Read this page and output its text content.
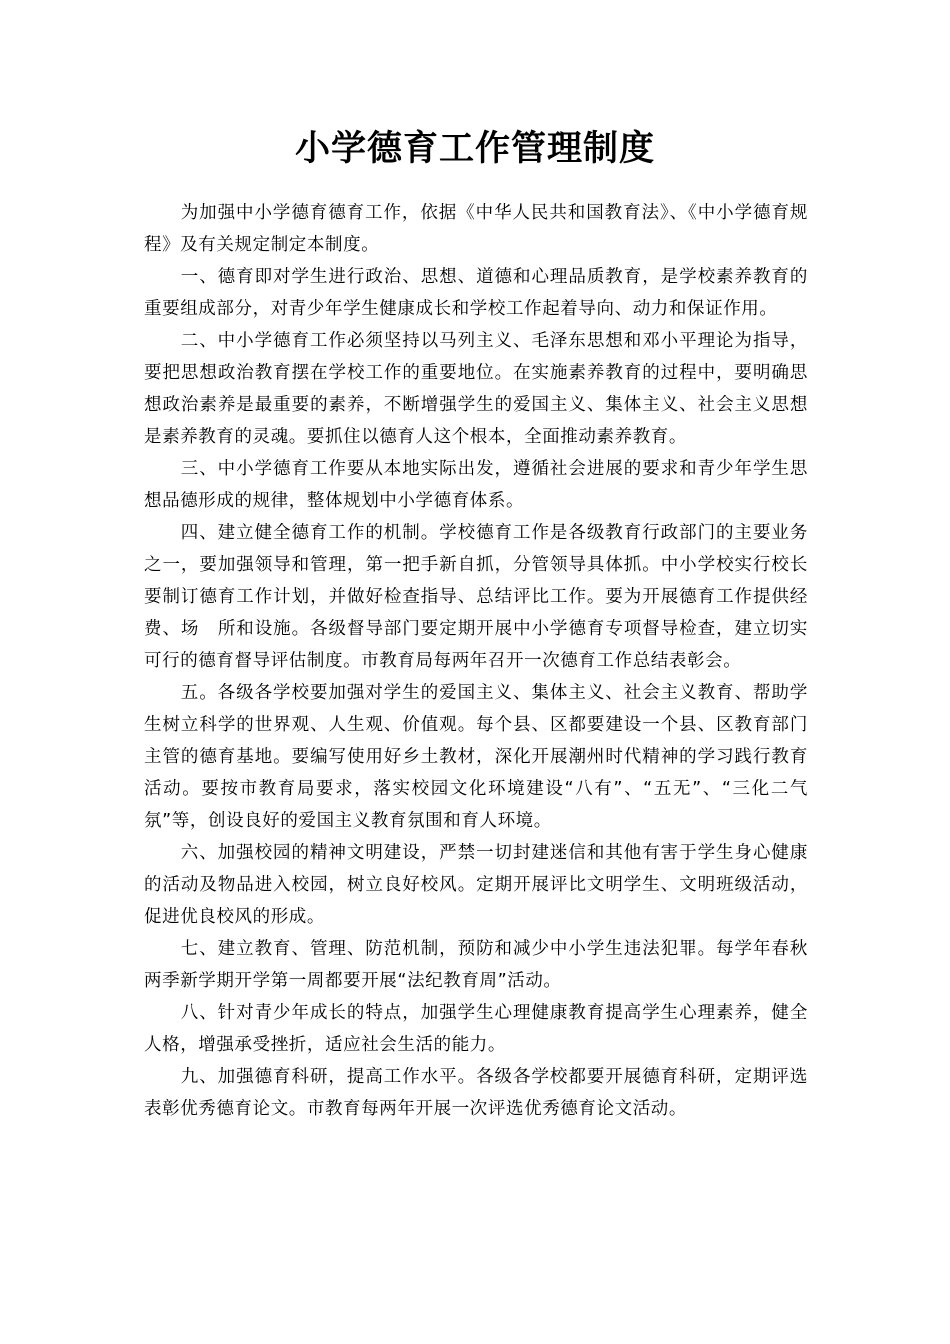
小学德育工作管理制度

为加强中小学德育德育工作，依据《中华人民共和国教育法》、《中小学德育规程》及有关规定制定本制度。

一、德育即对学生进行政治、思想、道德和心理品质教育，是学校素养教育的重要组成部分，对青少年学生健康成长和学校工作起着导向、动力和保证作用。

二、中小学德育工作必须坚持以马列主义、毛泽东思想和邓小平理论为指导，要把思想政治教育摆在学校工作的重要地位。在实施素养教育的过程中，要明确思想政治素养是最重要的素养，不断增强学生的爱国主义、集体主义、社会主义思想是素养教育的灵魂。要抓住以德育人这个根本，全面推动素养教育。

三、中小学德育工作要从本地实际出发，遵循社会进展的要求和青少年学生思想品德形成的规律，整体规划中小学德育体系。

四、建立健全德育工作的机制。学校德育工作是各级教育行政部门的主要业务之一，要加强领导和管理，第一把手新自抓，分管领导具体抓。中小学校实行校长要制订德育工作计划，并做好检查指导、总结评比工作。要为开展德育工作提供经费、场　所和设施。各级督导部门要定期开展中小学德育专项督导检查，建立切实可行的德育督导评估制度。市教育局每两年召开一次德育工作总结表彰会。

五。各级各学校要加强对学生的爱国主义、集体主义、社会主义教育、帮助学生树立科学的世界观、人生观、价值观。每个县、区都要建设一个县、区教育部门主管的德育基地。要编写使用好乡土教材，深化开展潮州时代精神的学习践行教育活动。要按市教育局要求，落实校园文化环境建设“八有”、“五无”、“三化二气氛”等，创设良好的爱国主义教育氛围和育人环境。

六、加强校园的精神文明建设，严禁一切封建迷信和其他有害于学生身心健康的活动及物品进入校园，树立良好校风。定期开展评比文明学生、文明班级活动，促进优良校风的形成。

七、建立教育、管理、防范机制，预防和减少中小学生违法犯罪。每学年春秋两季新学期开学第一周都要开展“法纪教育周”活动。

八、针对青少年成长的特点，加强学生心理健康教育提高学生心理素养，健全人格，增强承受挫折，适应社会生活的能力。

九、加强德育科研，提高工作水平。各级各学校都要开展德育科研，定期评选表彰优秀德育论文。市教育每两年开展一次评选优秀德育论文活动。
